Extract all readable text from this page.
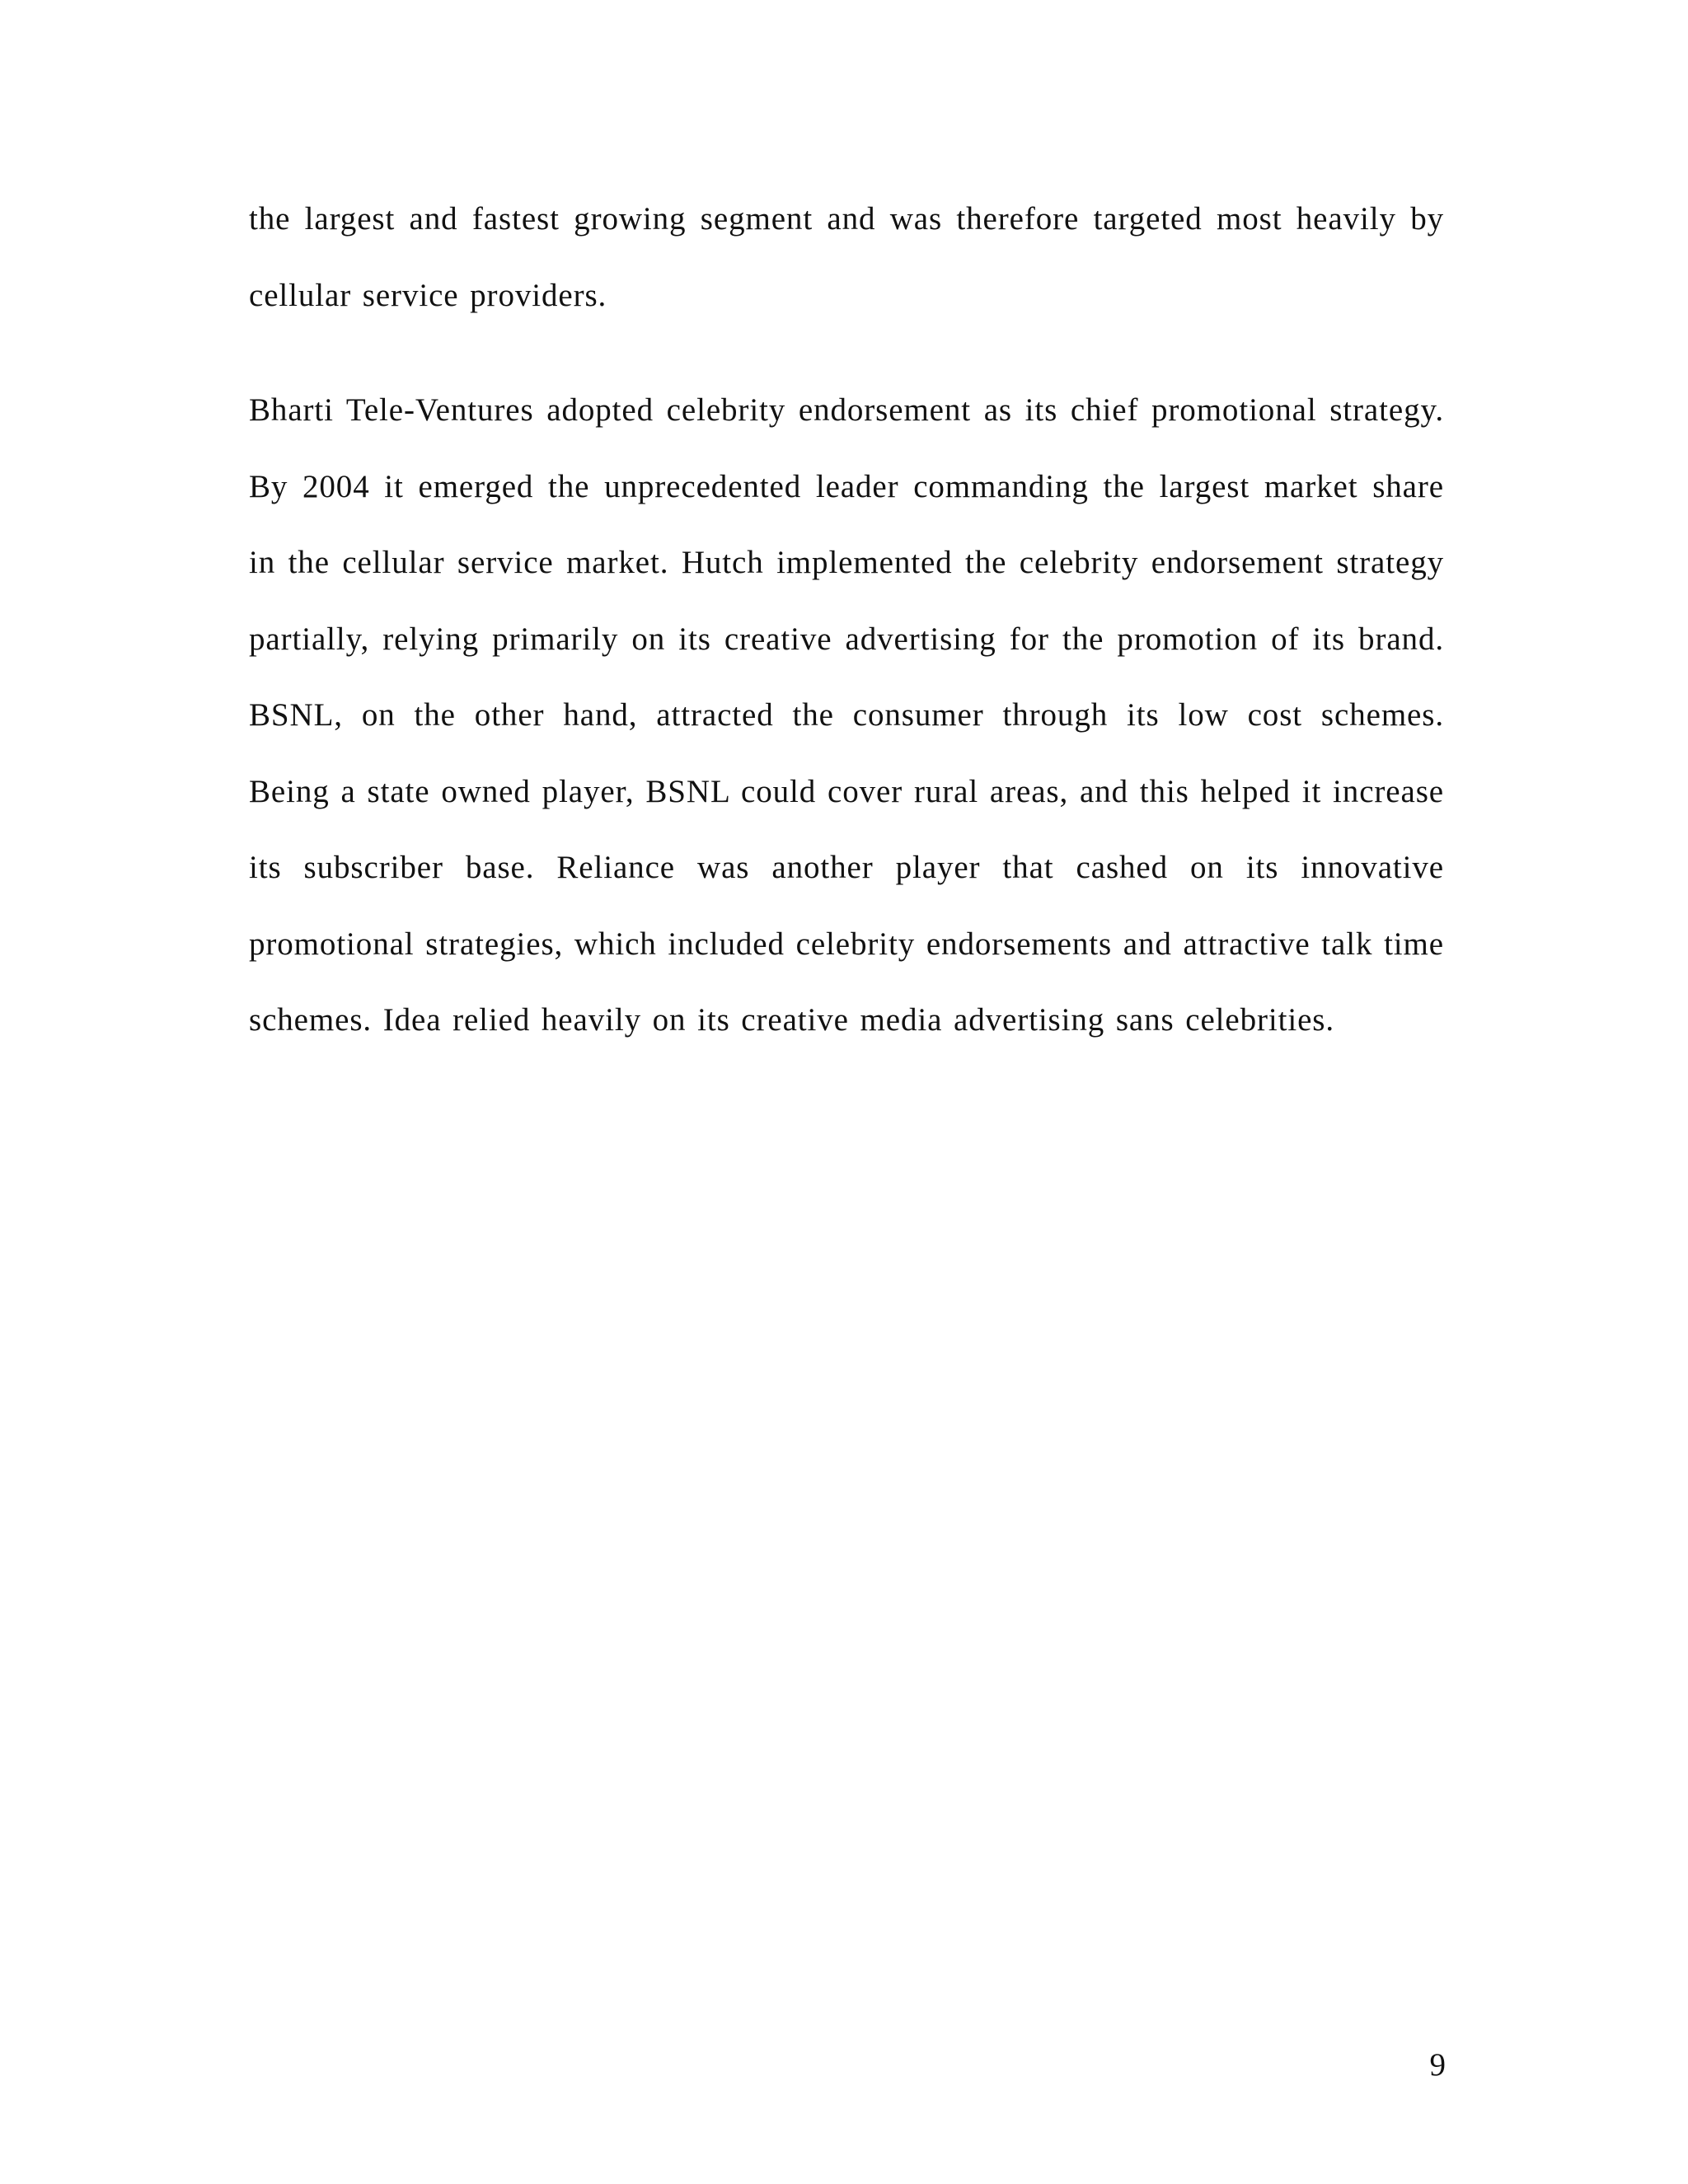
the largest and fastest growing segment and was therefore targeted most heavily by cellular service providers.

Bharti Tele-Ventures adopted celebrity endorsement as its chief promotional strategy. By 2004 it emerged the unprecedented leader commanding the largest market share in the cellular service market. Hutch implemented the celebrity endorsement strategy partially, relying primarily on its creative advertising for the promotion of its brand. BSNL, on the other hand, attracted the consumer through its low cost schemes. Being a state owned player, BSNL could cover rural areas, and this helped it increase its subscriber base. Reliance was another player that cashed on its innovative promotional strategies, which included celebrity endorsements and attractive talk time schemes. Idea relied heavily on its creative media advertising sans celebrities.

9
